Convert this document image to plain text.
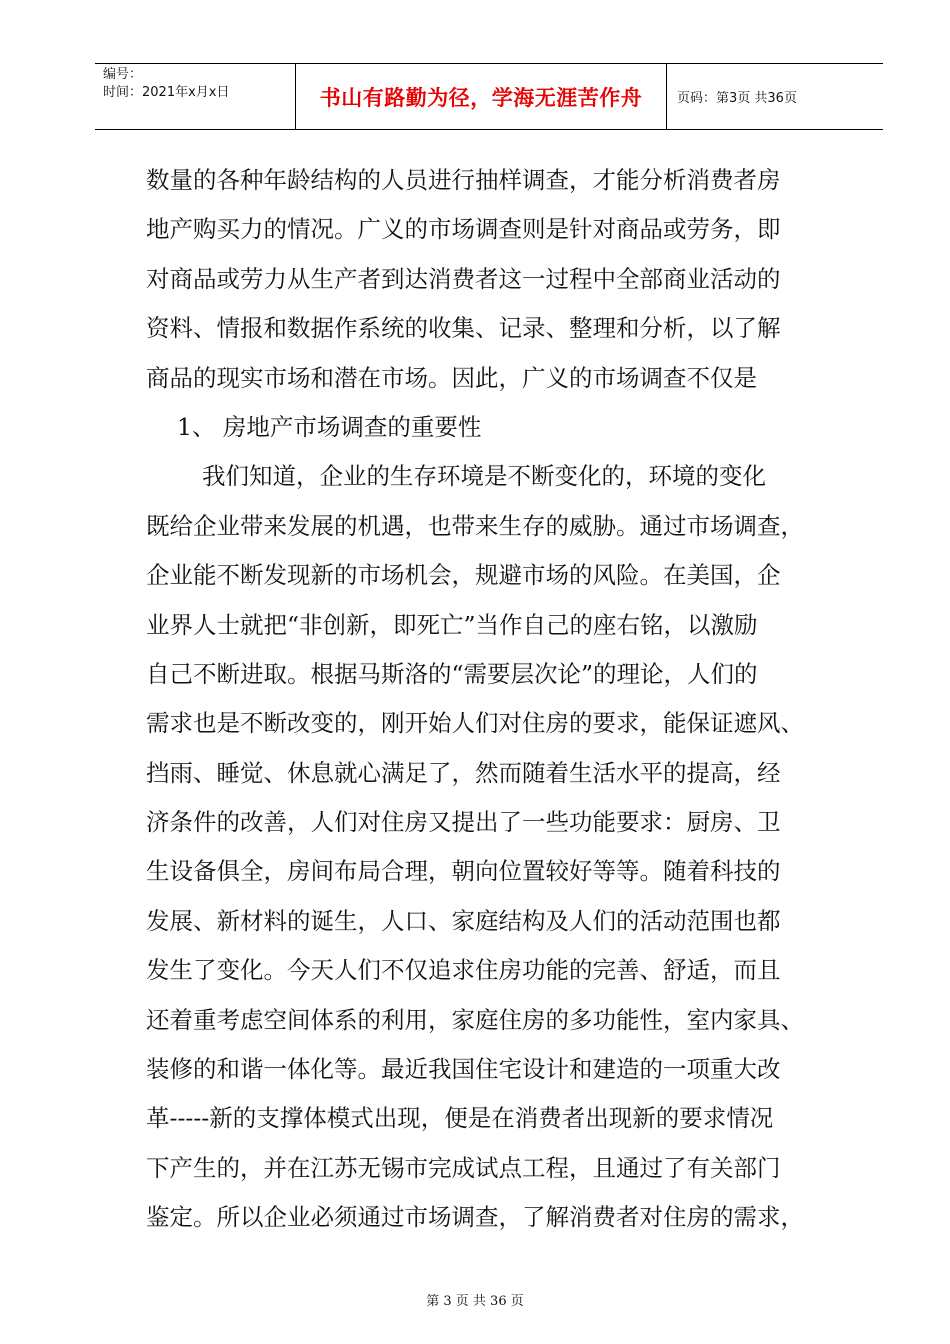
编号：
时间：2021年x月x日	书山有路勤为径，学海无涯苦作舟	页码：第3页 共36页
数量的各种年龄结构的人员进行抽样调查，才能分析消费者房
地产购买力的情况。广义的市场调查则是针对商品或劳务，即
对商品或劳力从生产者到达消费者这一过程中全部商业活动的
资料、情报和数据作系统的收集、记录、整理和分析，以了解
商品的现实市场和潜在市场。因此，广义的市场调查不仅是
1、 房地产市场调查的重要性
我们知道，企业的生存环境是不断变化的，环境的变化
既给企业带来发展的机遇，也带来生存的威胁。通过市场调查，
企业能不断发现新的市场机会，规避市场的风险。在美国，企
业界人士就把“非创新，即死亡”当作自己的座右铭，以激励
自己不断进取。根据马斯洛的“需要层次论”的理论，人们的
需求也是不断改变的，刚开始人们对住房的要求，能保证遮风、
挡雨、睡觉、休息就心满足了，然而随着生活水平的提高，经
济条件的改善，人们对住房又提出了一些功能要求：厨房、卫
生设备俱全，房间布局合理，朝向位置较好等等。随着科技的
发展、新材料的诞生，人口、家庭结构及人们的活动范围也都
发生了变化。今天人们不仅追求住房功能的完善、舒适，而且
还着重考虑空间体系的利用，家庭住房的多功能性，室内家具、
装修的和谐一体化等。最近我国住宅设计和建造的一项重大改
革-----新的支撑体模式出现，便是在消费者出现新的要求情况
下产生的，并在江苏无锡市完成试点工程，且通过了有关部门
鉴定。所以企业必须通过市场调查，了解消费者对住房的需求，
第 3 页 共 36 页
